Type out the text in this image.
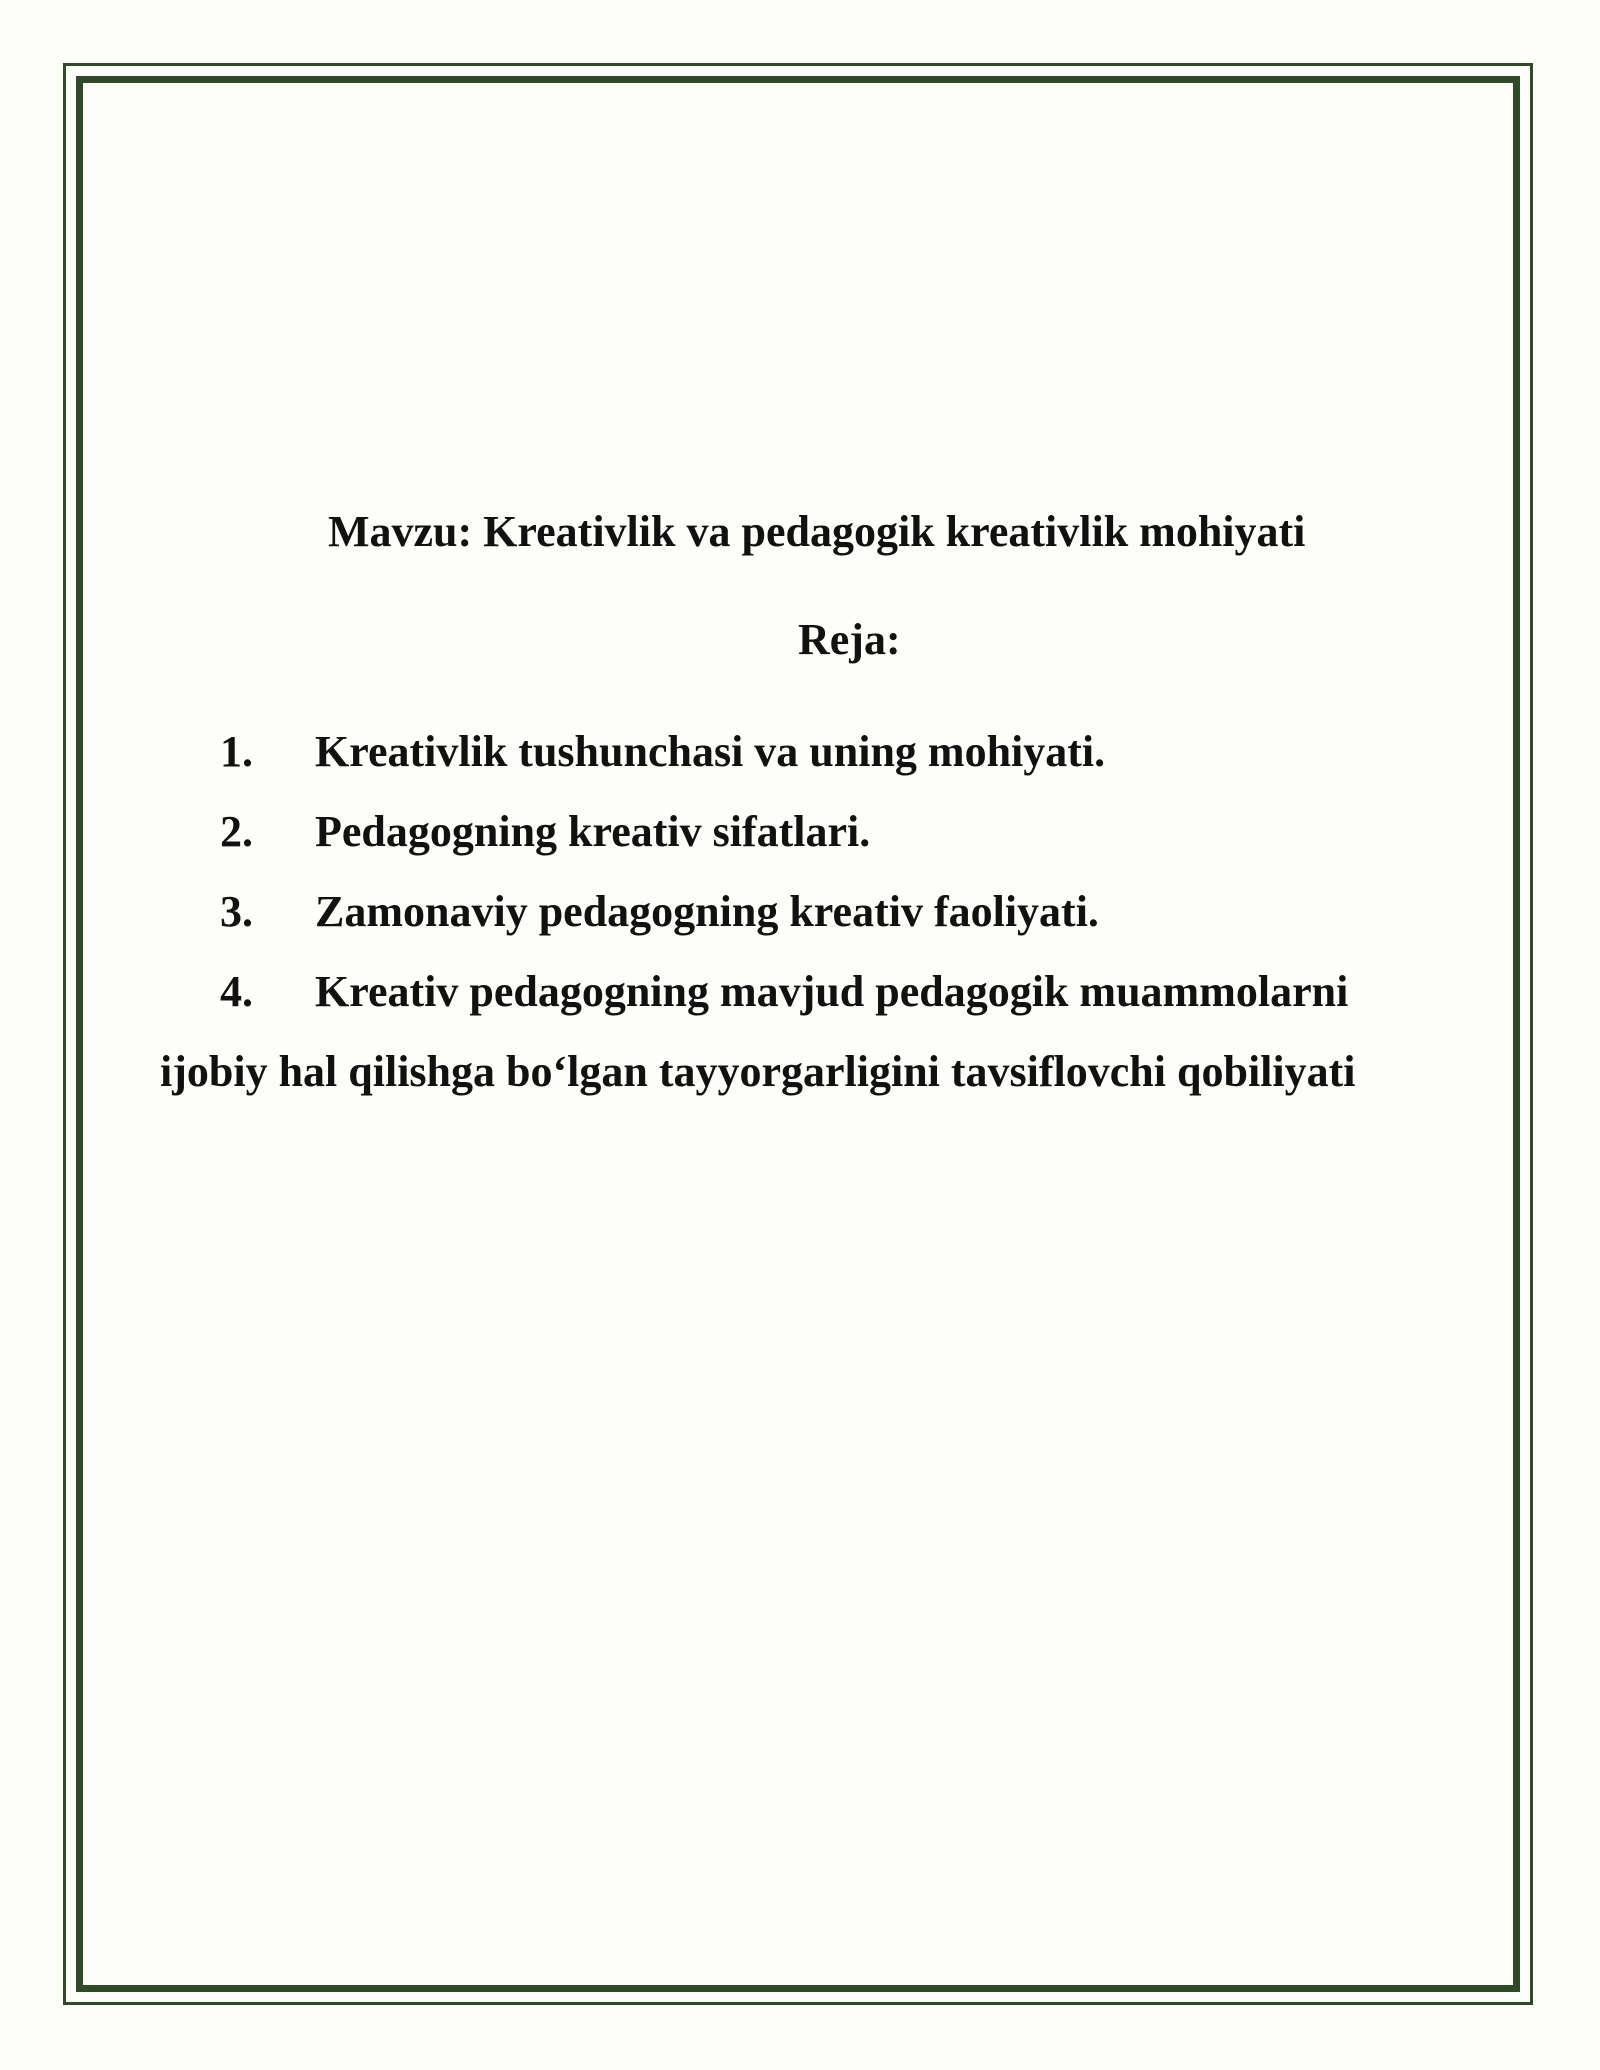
Mavzu: Kreativlik va pedagogik kreativlik mohiyati
Reja:
1. Kreativlik tushunchasi va uning mohiyati.
2. Pedagogning kreativ sifatlari.
3. Zamonaviy pedagogning kreativ faoliyati.
4. Kreativ pedagogning mavjud pedagogik muammolarni
ijobiy hal qilishga bo‘lgan tayyorgarligini tavsiflovchi qobiliyati
